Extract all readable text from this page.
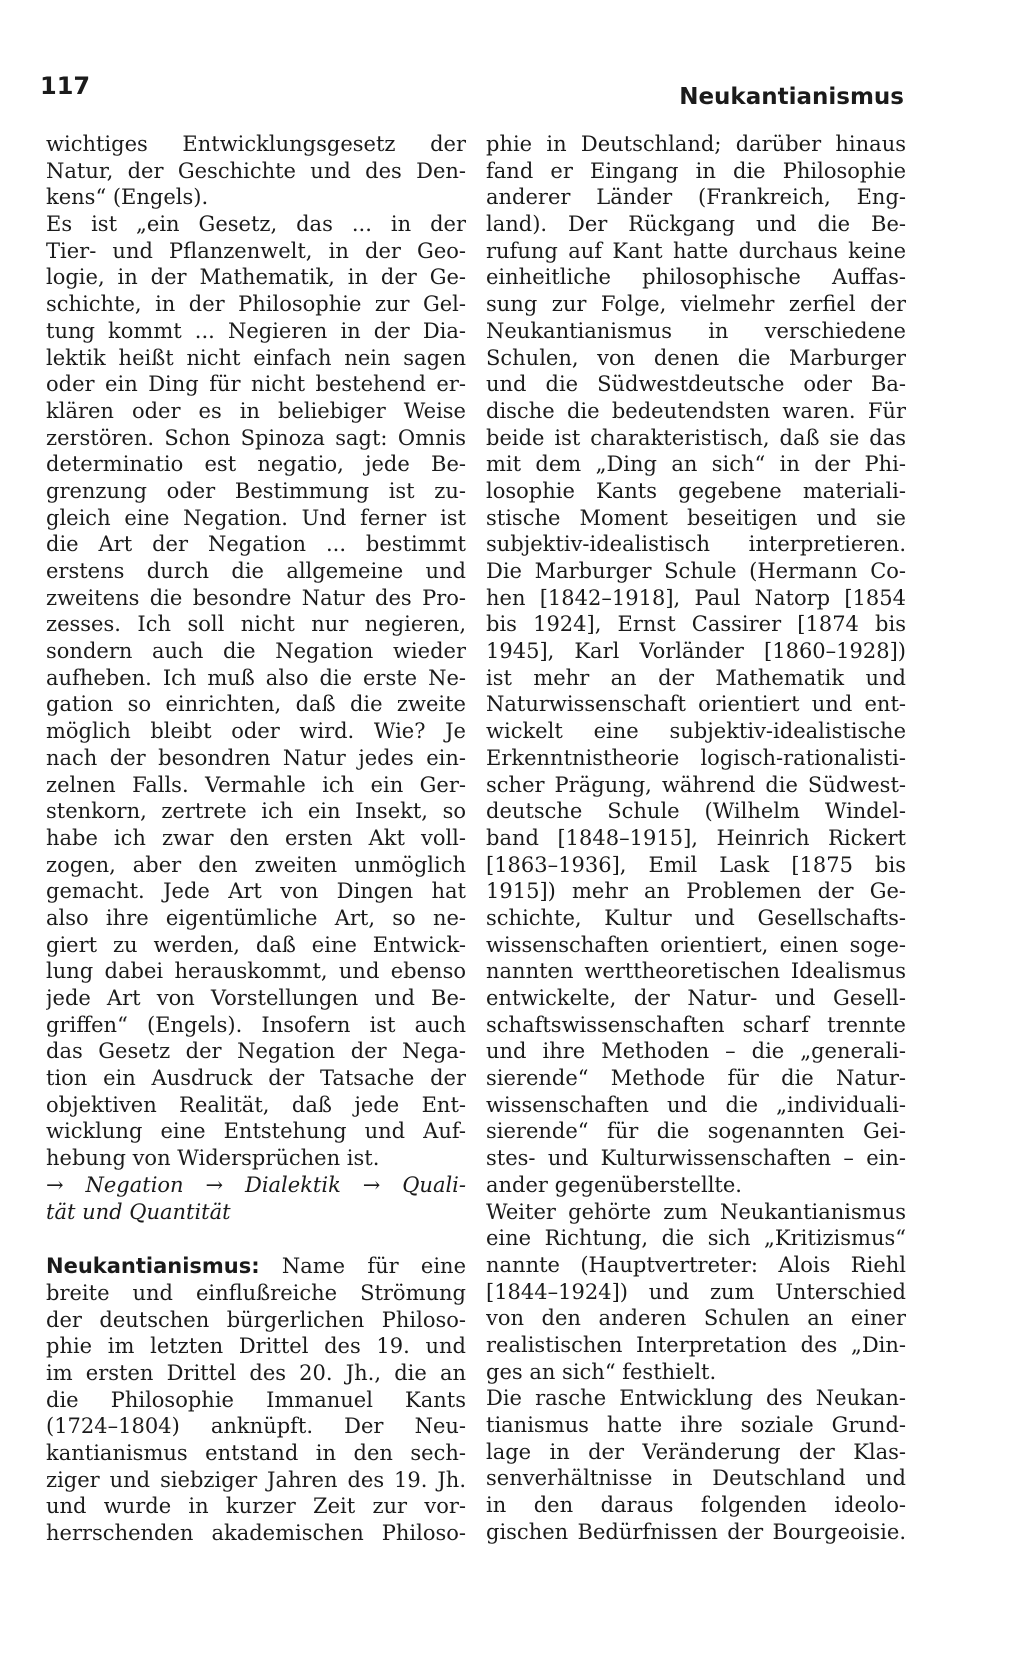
117	Neukantianismus
wichtiges Entwicklungsgesetz der
Natur, der Geschichte und des Den-
kens“ (Engels).
Es ist „ein Gesetz, das ... in der
Tier- und Pflanzenwelt, in der Geo-
logie, in der Mathematik, in der Ge-
schichte, in der Philosophie zur Gel-
tung kommt ... Negieren in der Dia-
lektik heißt nicht einfach nein sagen
oder ein Ding für nicht bestehend er-
klären oder es in beliebiger Weise
zerstören. Schon Spinoza sagt: Omnis
determinatio est negatio, jede Be-
grenzung oder Bestimmung ist zu-
gleich eine Negation. Und ferner ist
die Art der Negation ... bestimmt
erstens durch die allgemeine und
zweitens die besondre Natur des Pro-
zesses. Ich soll nicht nur negieren,
sondern auch die Negation wieder
aufheben. Ich muß also die erste Ne-
gation so einrichten, daß die zweite
möglich bleibt oder wird. Wie? Je
nach der besondren Natur jedes ein-
zelnen Falls. Vermahle ich ein Ger-
stenkorn, zertrete ich ein Insekt, so
habe ich zwar den ersten Akt voll-
zogen, aber den zweiten unmöglich
gemacht. Jede Art von Dingen hat
also ihre eigentümliche Art, so ne-
giert zu werden, daß eine Entwick-
lung dabei herauskommt, und ebenso
jede Art von Vorstellungen und Be-
griffen“ (Engels). Insofern ist auch
das Gesetz der Negation der Nega-
tion ein Ausdruck der Tatsache der
objektiven Realität, daß jede Ent-
wicklung eine Entstehung und Auf-
hebung von Widersprüchen ist.
→ Negation → Dialektik → Quali-
tät und Quantität
Neukantianismus: Name für eine
breite und einflußreiche Strömung
der deutschen bürgerlichen Philoso-
phie im letzten Drittel des 19. und
im ersten Drittel des 20. Jh., die an
die Philosophie Immanuel Kants
(1724–1804) anknüpft. Der Neu-
kantianismus entstand in den sech-
ziger und siebziger Jahren des 19. Jh.
und wurde in kurzer Zeit zur vor-
herrschenden akademischen Philoso-
phie in Deutschland; darüber hinaus
fand er Eingang in die Philosophie
anderer Länder (Frankreich, Eng-
land). Der Rückgang und die Be-
rufung auf Kant hatte durchaus keine
einheitliche philosophische Auffas-
sung zur Folge, vielmehr zerfiel der
Neukantianismus in verschiedene
Schulen, von denen die Marburger
und die Südwestdeutsche oder Ba-
dische die bedeutendsten waren. Für
beide ist charakteristisch, daß sie das
mit dem „Ding an sich“ in der Phi-
losophie Kants gegebene materiali-
stische Moment beseitigen und sie
subjektiv-idealistisch interpretieren.
Die Marburger Schule (Hermann Co-
hen [1842–1918], Paul Natorp [1854
bis 1924], Ernst Cassirer [1874 bis
1945], Karl Vorländer [1860–1928])
ist mehr an der Mathematik und
Naturwissenschaft orientiert und ent-
wickelt eine subjektiv-idealistische
Erkenntnistheorie logisch-rationalisti-
scher Prägung, während die Südwest-
deutsche Schule (Wilhelm Windel-
band [1848–1915], Heinrich Rickert
[1863–1936], Emil Lask [1875 bis
1915]) mehr an Problemen der Ge-
schichte, Kultur und Gesellschafts-
wissenschaften orientiert, einen soge-
nannten werttheoretischen Idealismus
entwickelte, der Natur- und Gesell-
schaftswissenschaften scharf trennte
und ihre Methoden – die „generali-
sierende“ Methode für die Natur-
wissenschaften und die „individuali-
sierende“ für die sogenannten Gei-
stes- und Kulturwissenschaften – ein-
ander gegenüberstellte.
Weiter gehörte zum Neukantianismus
eine Richtung, die sich „Kritizismus“
nannte (Hauptvertreter: Alois Riehl
[1844–1924]) und zum Unterschied
von den anderen Schulen an einer
realistischen Interpretation des „Din-
ges an sich“ festhielt.
Die rasche Entwicklung des Neukan-
tianismus hatte ihre soziale Grund-
lage in der Veränderung der Klas-
senverhältnisse in Deutschland und
in den daraus folgenden ideolo-
gischen Bedürfnissen der Bourgeoisie.
